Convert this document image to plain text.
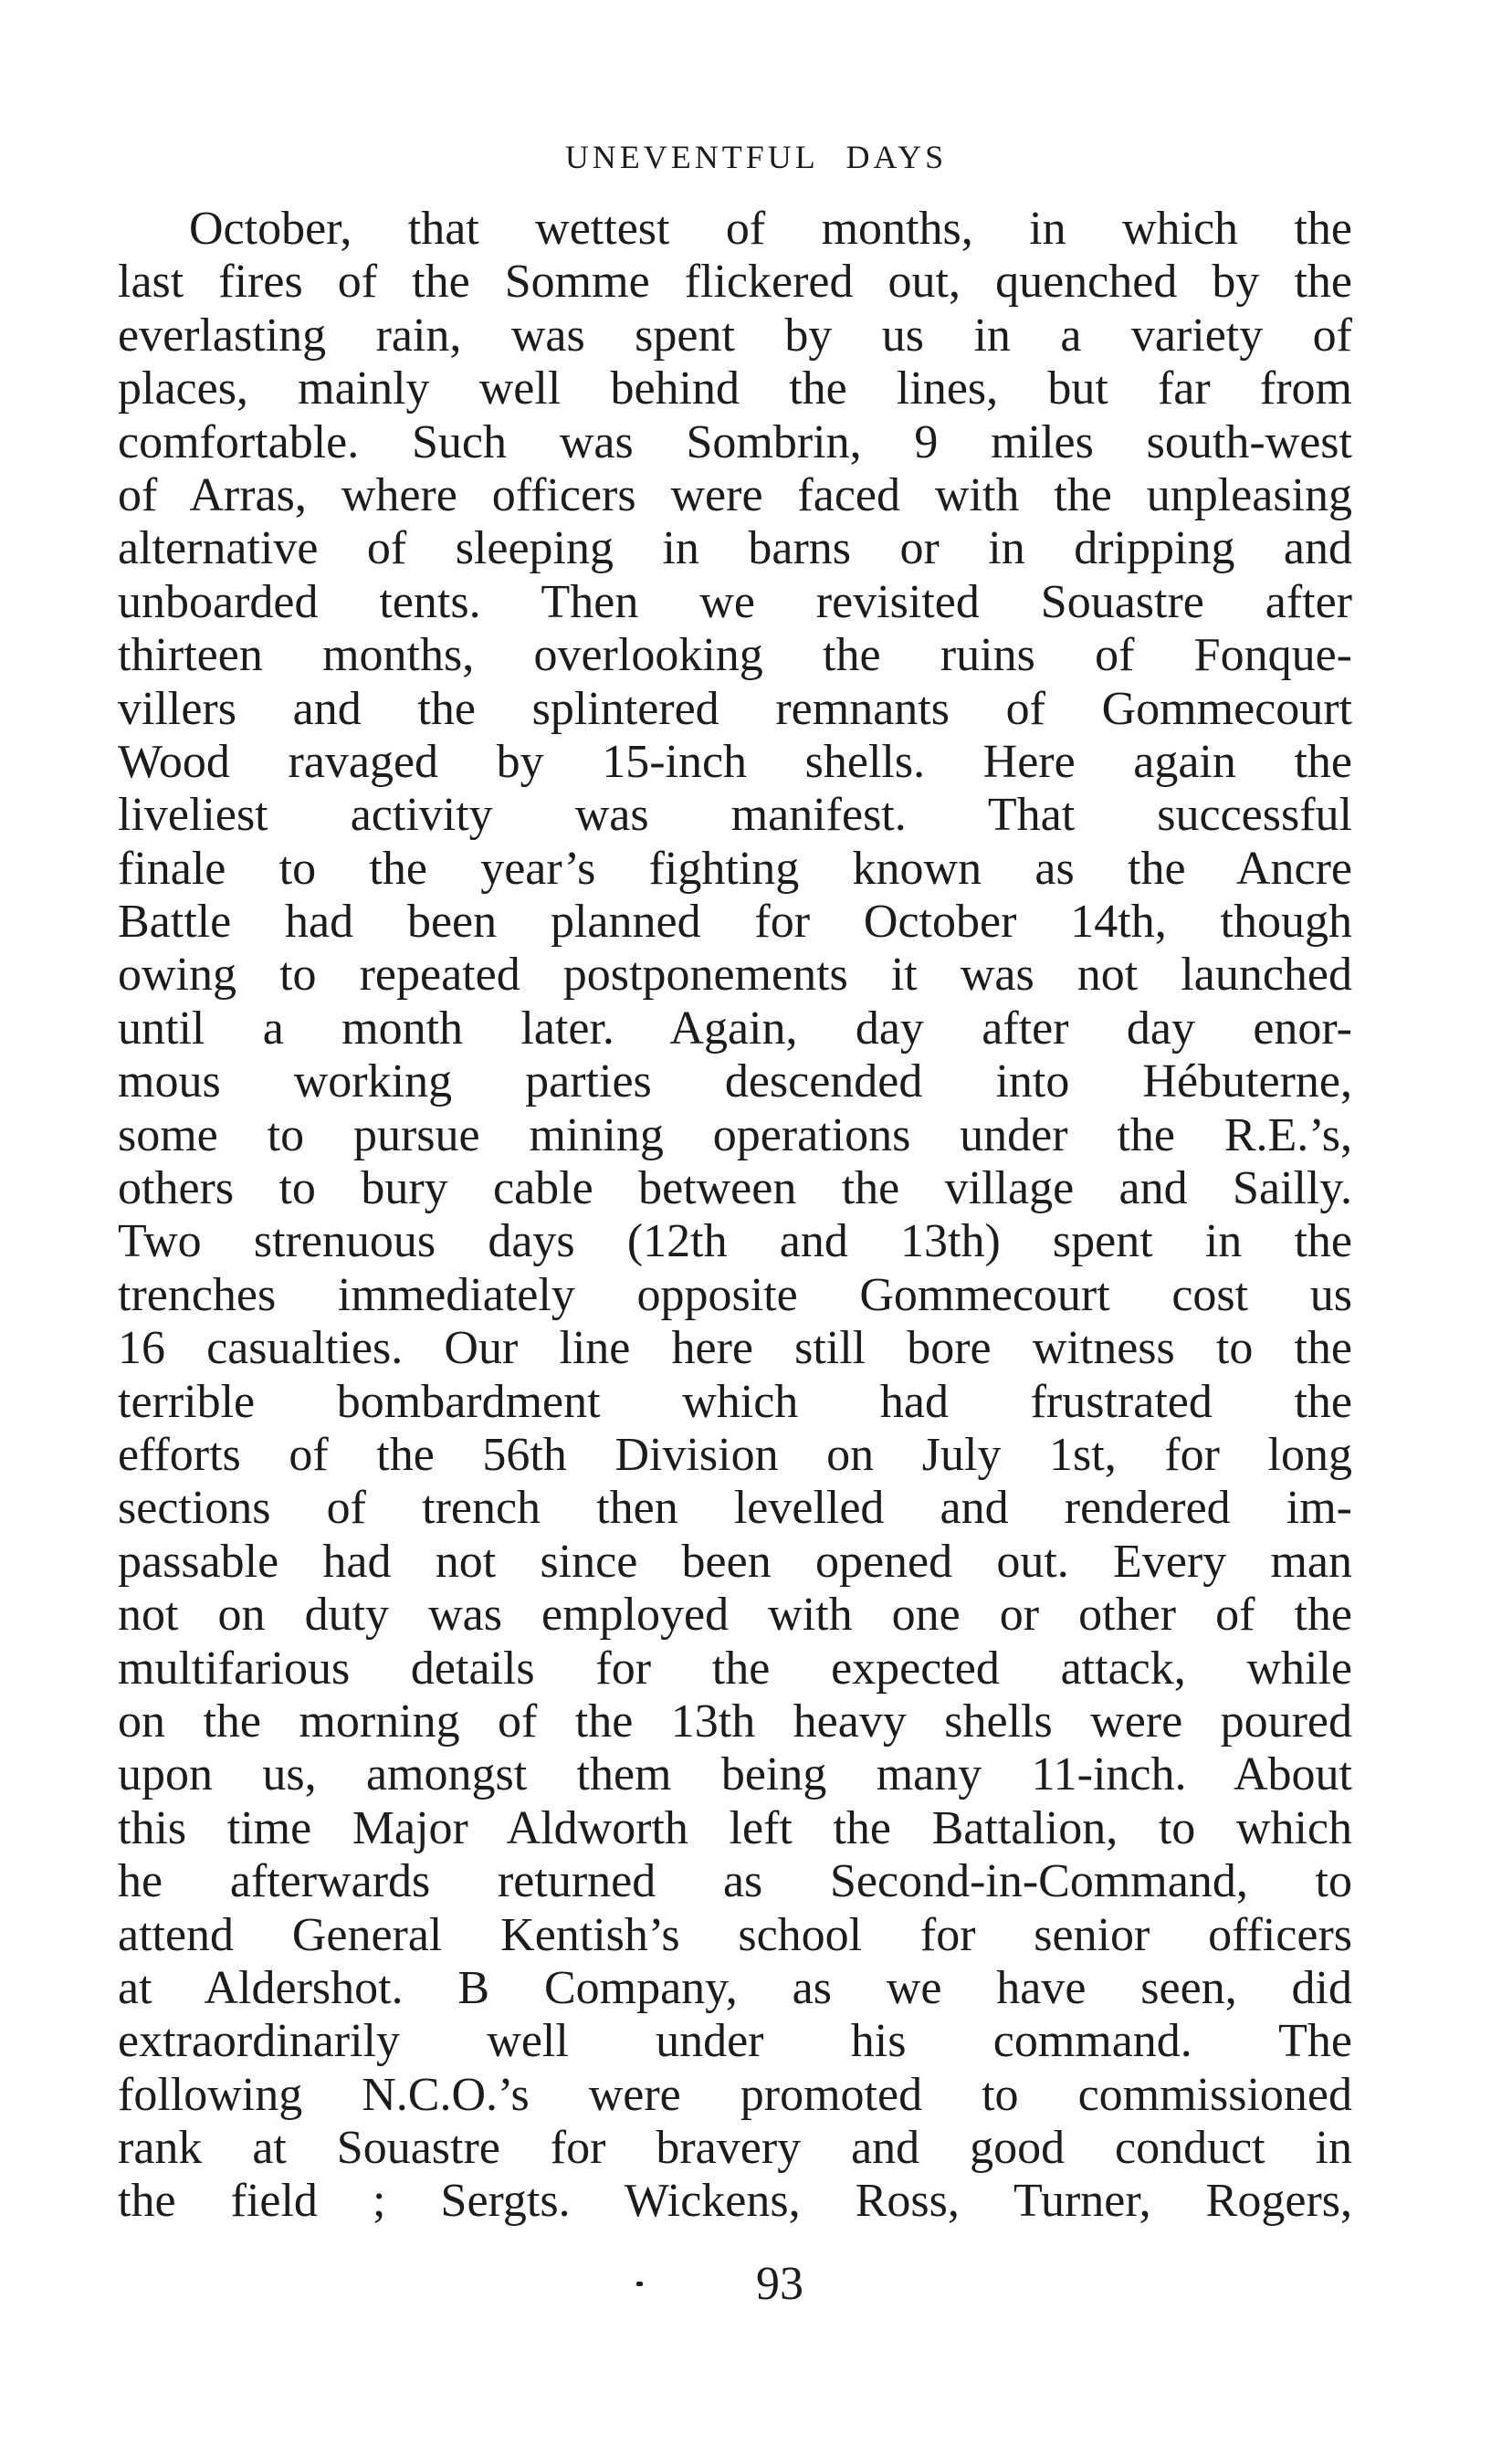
UNEVENTFUL DAYS
October, that wettest of months, in which the
last fires of the Somme flickered out, quenched by the
everlasting rain, was spent by us in a variety of
places, mainly well behind the lines, but far from
comfortable. Such was Sombrin, 9 miles south-west
of Arras, where officers were faced with the unpleasing
alternative of sleeping in barns or in dripping and
unboarded tents. Then we revisited Souastre after
thirteen months, overlooking the ruins of Fonque-
villers and the splintered remnants of Gommecourt
Wood ravaged by 15-inch shells. Here again the
liveliest activity was manifest. That successful
finale to the year’s fighting known as the Ancre
Battle had been planned for October 14th, though
owing to repeated postponements it was not launched
until a month later. Again, day after day enor-
mous working parties descended into Hébuterne,
some to pursue mining operations under the R.E.’s,
others to bury cable between the village and Sailly.
Two strenuous days (12th and 13th) spent in the
trenches immediately opposite Gommecourt cost us
16 casualties. Our line here still bore witness to the
terrible bombardment which had frustrated the
efforts of the 56th Division on July 1st, for long
sections of trench then levelled and rendered im-
passable had not since been opened out. Every man
not on duty was employed with one or other of the
multifarious details for the expected attack, while
on the morning of the 13th heavy shells were poured
upon us, amongst them being many 11-inch. About
this time Major Aldworth left the Battalion, to which
he afterwards returned as Second-in-Command, to
attend General Kentish’s school for senior officers
at Aldershot. B Company, as we have seen, did
extraordinarily well under his command. The
following N.C.O.’s were promoted to commissioned
rank at Souastre for bravery and good conduct in
the field ; Sergts. Wickens, Ross, Turner, Rogers,
93
